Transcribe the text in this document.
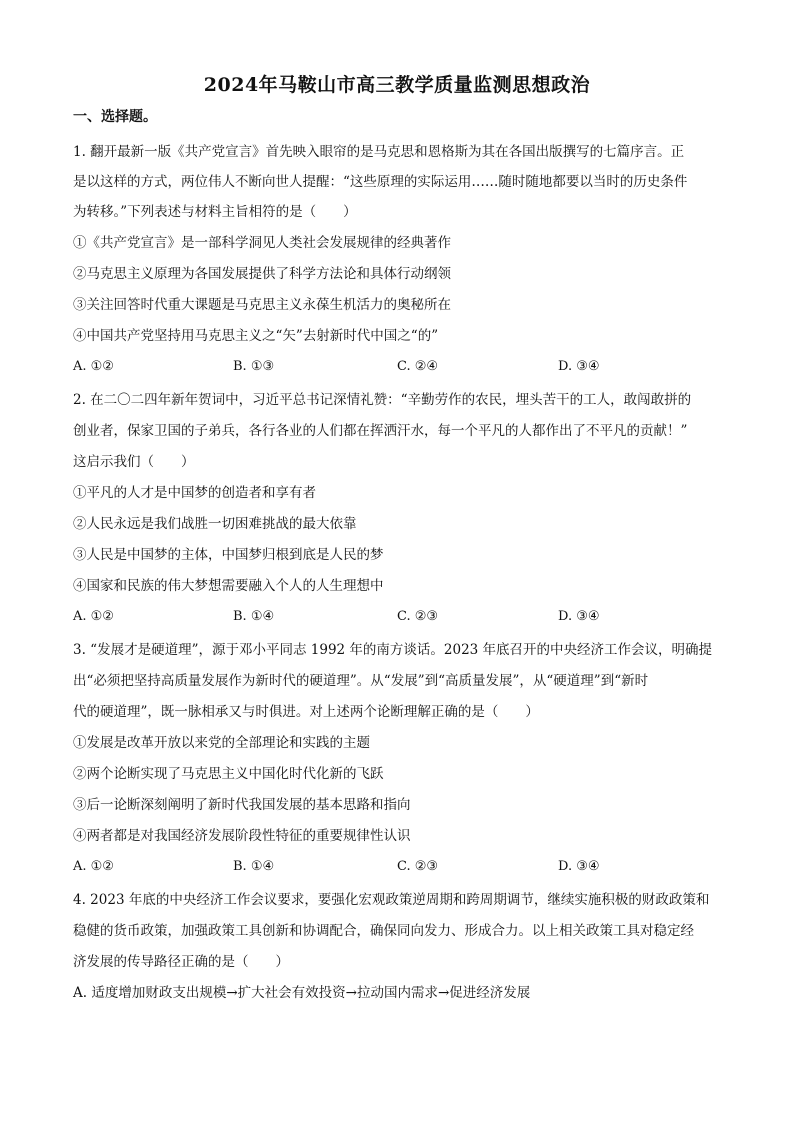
2024年马鞍山市高三教学质量监测思想政治
一、选择题。
1. 翻开最新一版《共产党宣言》首先映入眼帘的是马克思和恩格斯为其在各国出版撰写的七篇序言。正
是以这样的方式，两位伟人不断向世人提醒：“这些原理的实际运用……随时随地都要以当时的历史条件
为转移。”下列表述与材料主旨相符的是（　　）
①《共产党宣言》是一部科学洞见人类社会发展规律的经典著作
②马克思主义原理为各国发展提供了科学方法论和具体行动纲领
③关注回答时代重大课题是马克思主义永葆生机活力的奥秘所在
④中国共产党坚持用马克思主义之“矢”去射新时代中国之“的”
A. ①②	B. ①③	C. ②④	D. ③④
2. 在二〇二四年新年贺词中，习近平总书记深情礼赞：“辛勤劳作的农民，埋头苦干的工人，敢闯敢拼的
创业者，保家卫国的子弟兵，各行各业的人们都在挥洒汗水，每一个平凡的人都作出了不平凡的贡献！”
这启示我们（　　）
①平凡的人才是中国梦的创造者和享有者
②人民永远是我们战胜一切困难挑战的最大依靠
③人民是中国梦的主体，中国梦归根到底是人民的梦
④国家和民族的伟大梦想需要融入个人的人生理想中
A. ①②	B. ①④	C. ②③	D. ③④
3. “发展才是硬道理”，源于邓小平同志 1992 年的南方谈话。2023 年底召开的中央经济工作会议，明确提
出“必须把坚持高质量发展作为新时代的硬道理”。从“发展”到“高质量发展”，从“硬道理”到“新时
代的硬道理”，既一脉相承又与时俱进。对上述两个论断理解正确的是（　　）
①发展是改革开放以来党的全部理论和实践的主题
②两个论断实现了马克思主义中国化时代化新的飞跃
③后一论断深刻阐明了新时代我国发展的基本思路和指向
④两者都是对我国经济发展阶段性特征的重要规律性认识
A. ①②	B. ①④	C. ②③	D. ③④
4. 2023 年底的中央经济工作会议要求，要强化宏观政策逆周期和跨周期调节，继续实施积极的财政政策和
稳健的货币政策，加强政策工具创新和协调配合，确保同向发力、形成合力。以上相关政策工具对稳定经
济发展的传导路径正确的是（　　）
A. 适度增加财政支出规模→扩大社会有效投资→拉动国内需求→促进经济发展
